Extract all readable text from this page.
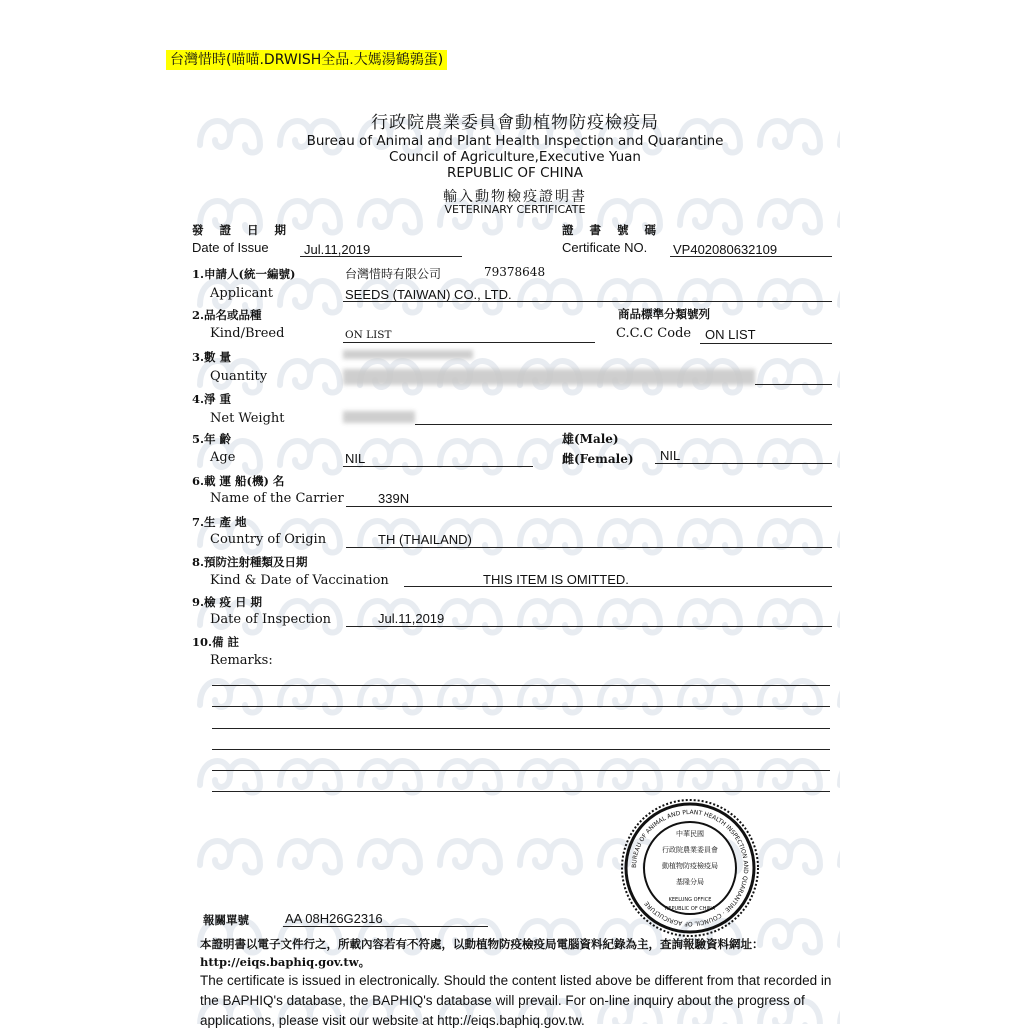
台灣惜時(喵喵.DRWISH全品.大媽湯鶴鶉蛋)
行政院農業委員會動植物防疫檢疫局
Bureau of Animal and Plant Health Inspection and Quarantine
Council of Agriculture,Executive Yuan
REPUBLIC OF CHINA
輸入動物檢疫證明書
VETERINARY CERTIFICATE
發 證 日 期
Date of Issue	Jul.11,2019
證 書 號 碼
Certificate NO. VP402080632109
1.申請人(統一編號)
Applicant
台灣惜時有限公司	79378648
SEEDS (TAIWAN) CO., LTD.
2.品名或品種
Kind/Breed	ON LIST
商品標準分類號列
C.C.C Code ON LIST
3.數 量
Quantity
4.淨 重
Net Weight
5.年 齡
Age	NIL
雄(Male)
雌(Female) NIL
6.載 運 船(機) 名
Name of the Carrier	339N
7.生 產 地
Country of Origin	TH (THAILAND)
8.預防注射種類及日期
Kind & Date of Vaccination	THIS ITEM IS OMITTED.
9.檢 疫 日 期
Date of Inspection	Jul.11,2019
10.備 註
Remarks:
BUREAU OF ANIMAL AND PLANT HEALTH INSPECTION AND QUARANTINE · COUNCIL OF AGRICULTURE
中華民國
行政院農業委員會
動植物防疫檢疫局
基隆分局
KEELUNG OFFICE
REPUBLIC OF CHINA
報關單號	AA 08H26G2316
本證明書以電子文件行之，所載內容若有不符處，以動植物防疫檢疫局電腦資料紀錄為主，查詢報驗資料網址：http://eiqs.baphiq.gov.tw。
The certificate is issued in electronically. Should the content listed above be different from that recorded in the BAPHIQ's database, the BAPHIQ's database will prevail. For on-line inquiry about the progress of applications, please visit our website at http://eiqs.baphiq.gov.tw.
